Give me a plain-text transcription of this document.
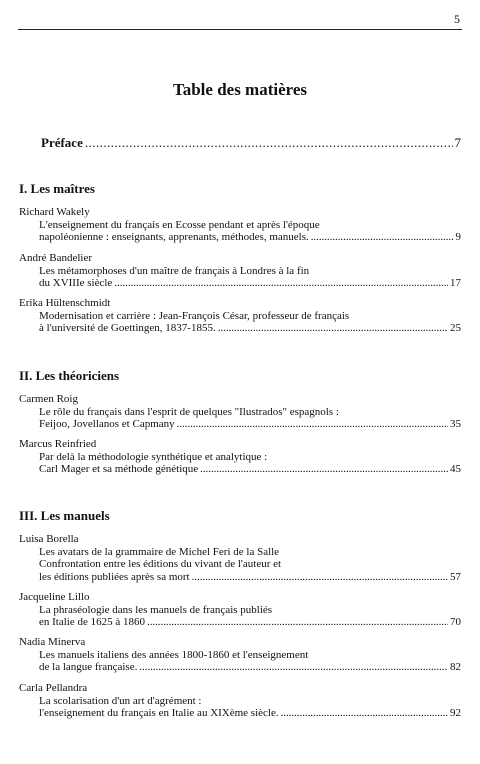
5
Table des matières
Préface . . .	7
I. Les maîtres
Richard Wakely
L'enseignement du français en Ecosse pendant et après l'époque
napoléonienne : enseignants, apprenants, méthodes, manuels. . . .	9
André Bandelier
Les métamorphoses d'un maître de français à Londres à la fin
du XVIIIe siècle . . .	17
Erika Hültenschmidt
Modernisation et carrière : Jean-François César, professeur de français
à l'université de Goettingen, 1837-1855. . . .	25
II. Les théoriciens
Carmen Roig
Le rôle du français dans l'esprit de quelques "Ilustrados" espagnols :
Feijoo, Jovellanos et Capmany . . .	35
Marcus Reinfried
Par delà la méthodologie synthétique et analytique :
Carl Mager et sa méthode génétique . . .	45
III. Les manuels
Luisa Borella
Les avatars de la grammaire de Michel Feri de la Salle
Confrontation entre les éditions du vivant de l'auteur et
les éditions publiées après sa mort . . .	57
Jacqueline Lillo
La phraséologie dans les manuels de français publiés
en Italie de 1625 à 1860 . . .	70
Nadia Minerva
Les manuels italiens des années 1800-1860 et l'enseignement
de la langue française. . . .	82
Carla Pellandra
La scolarisation d'un art d'agrément :
l'enseignement du français en Italie au XIXème siècle. . . .	92
